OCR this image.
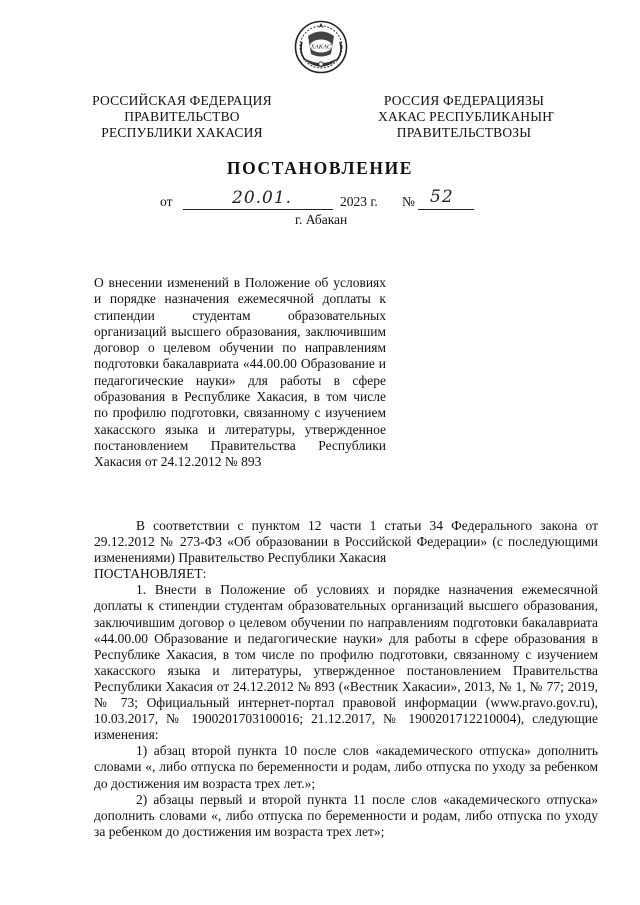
ХАКАС
РОССИЙСКАЯ ФЕДЕРАЦИЯ
ПРАВИТЕЛЬСТВО
РЕСПУБЛИКИ ХАКАСИЯ
РОССИЯ ФЕДЕРАЦИЯЗЫ
ХАКАС РЕСПУБЛИКАНЫҤ
ПРАВИТЕЛЬСТВОЗЫ
ПОСТАНОВЛЕНИЕ
от	20.01.	2023 г. № 52
г. Абакан
О внесении изменений в Положение об условиях и порядке назначения ежемесячной доплаты к стипендии студентам образовательных организаций высшего образования, заключившим договор о целевом обучении по направлениям подготовки бакалавриата «44.00.00 Образование и педагогические науки» для работы в сфере образования в Республике Хакасия, в том числе по профилю подготовки, связанному с изучением хакасского языка и литературы, утвержденное постановлением Правительства Республики Хакасия от 24.12.2012 № 893

В соответствии с пунктом 12 части 1 статьи 34 Федерального закона от 29.12.2012 № 273-ФЗ «Об образовании в Российской Федерации» (с последующими изменениями) Правительство Республики Хакасия

ПОСТАНОВЛЯЕТ:

1. Внести в Положение об условиях и порядке назначения ежемесячной доплаты к стипендии студентам образовательных организаций высшего образования, заключившим договор о целевом обучении по направлениям подготовки бакалавриата «44.00.00 Образование и педагогические науки» для работы в сфере образования в Республике Хакасия, в том числе по профилю подготовки, связанному с изучением хакасского языка и литературы, утвержденное постановлением Правительства Республики Хакасия от 24.12.2012 № 893 («Вестник Хакасии», 2013, № 1, № 77; 2019, № 73; Официальный интернет-портал правовой информации (www.pravo.gov.ru), 10.03.2017, № 1900201703100016; 21.12.2017, № 1900201712210004), следующие изменения:

1) абзац второй пункта 10 после слов «академического отпуска» дополнить словами «, либо отпуска по беременности и родам, либо отпуска по уходу за ребенком до достижения им возраста трех лет.»;

2) абзацы первый и второй пункта 11 после слов «академического отпуска» дополнить словами «, либо отпуска по беременности и родам, либо отпуска по уходу за ребенком до достижения им возраста трех лет»;
